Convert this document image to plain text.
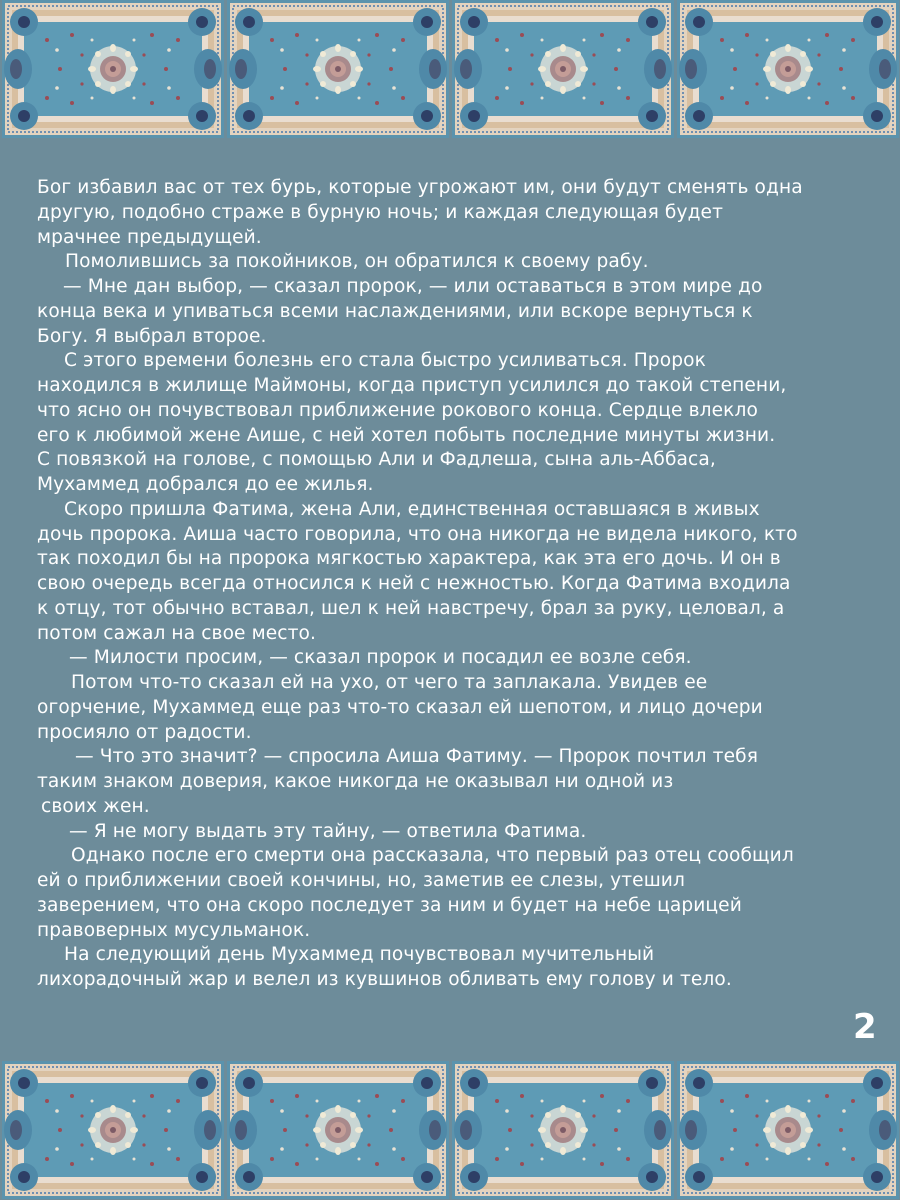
Бог избавил вас от тех бурь, которые угрожают им, они будут сменять одна
другую, подобно страже в бурную ночь; и каждая следующая будет
мрачнее предыдущей.
Помолившись за покойников, он обратился к своему рабу.
— Мне дан выбор, — сказал пророк, — или оставаться в этом мире до
конца века и упиваться всеми наслаждениями, или вскоре вернуться к
Богу. Я выбрал второе.
С этого времени болезнь его стала быстро усиливаться. Пророк
находился в жилище Маймоны, когда приступ усилился до такой степени,
что ясно он почувствовал приближение рокового конца. Сердце влекло
его к любимой жене Аише, с ней хотел побыть последние минуты жизни.
С повязкой на голове, с помощью Али и Фадлеша, сына аль-Аббаса,
Мухаммед добрался до ее жилья.
Скоро пришла Фатима, жена Али, единственная оставшаяся в живых
дочь пророка. Аиша часто говорила, что она никогда не видела никого, кто
так походил бы на пророка мягкостью характера, как эта его дочь. И он в
свою очередь всегда относился к ней с нежностью. Когда Фатима входила
к отцу, тот обычно вставал, шел к ней навстречу, брал за руку, целовал, а
потом сажал на свое место.
— Милости просим, — сказал пророк и посадил ее возле себя.
Потом что-то сказал ей на ухо, от чего та заплакала. Увидев ее
огорчение, Мухаммед еще раз что-то сказал ей шепотом, и лицо дочери
просияло от радости.
— Что это значит? — спросила Аиша Фатиму. — Пророк почтил тебя
таким знаком доверия, какое никогда не оказывал ни одной из
своих жен.
— Я не могу выдать эту тайну, — ответила Фатима.
Однако после его смерти она рассказала, что первый раз отец сообщил
ей о приближении своей кончины, но, заметив ее слезы, утешил
заверением, что она скоро последует за ним и будет на небе царицей
правоверных мусульманок.
На следующий день Мухаммед почувствовал мучительный
лихорадочный жар и велел из кувшинов обливать ему голову и тело.
2
